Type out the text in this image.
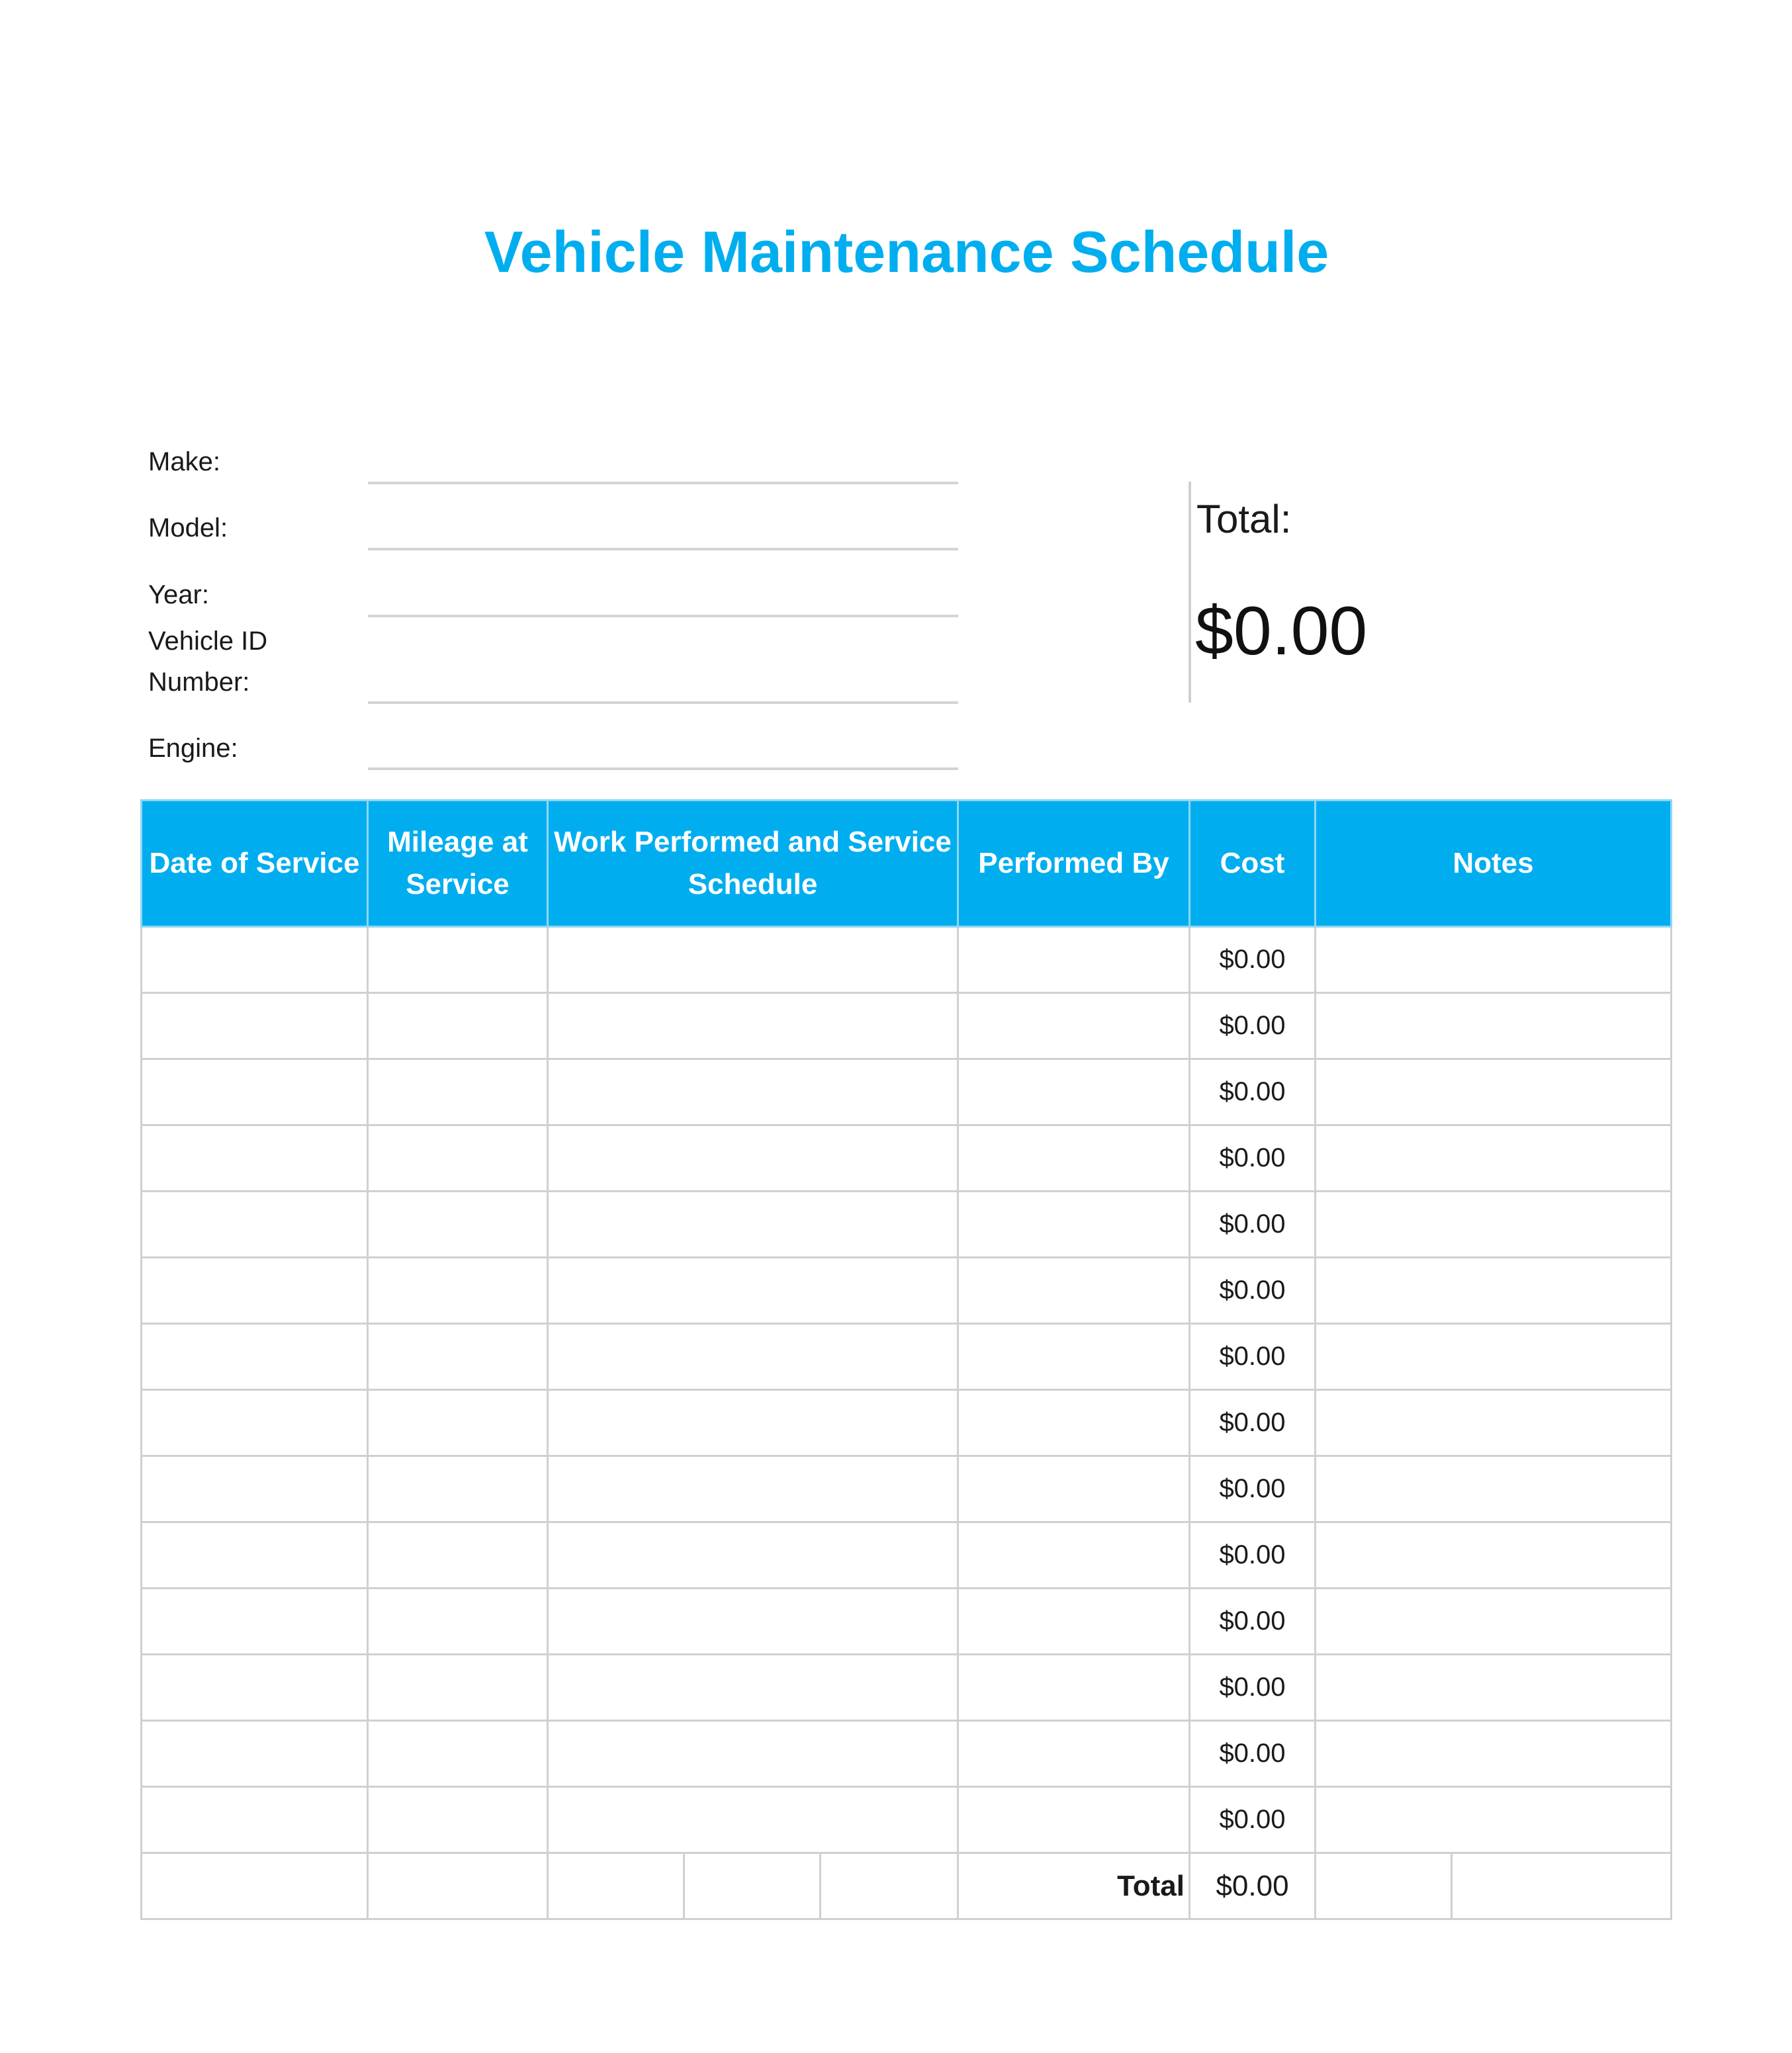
Vehicle Maintenance Schedule
Make:
Model:
Year:
Vehicle ID
Number:
Engine:
Total:
$0.00
Date of Service	Mileage at Service	Work Performed and Service Schedule			Performed By	Cost	Notes	
						$0.00		
						$0.00		
						$0.00		
						$0.00		
						$0.00		
						$0.00		
						$0.00		
						$0.00		
						$0.00		
						$0.00		
						$0.00		
						$0.00		
						$0.00		
						$0.00		
					Total	$0.00		
